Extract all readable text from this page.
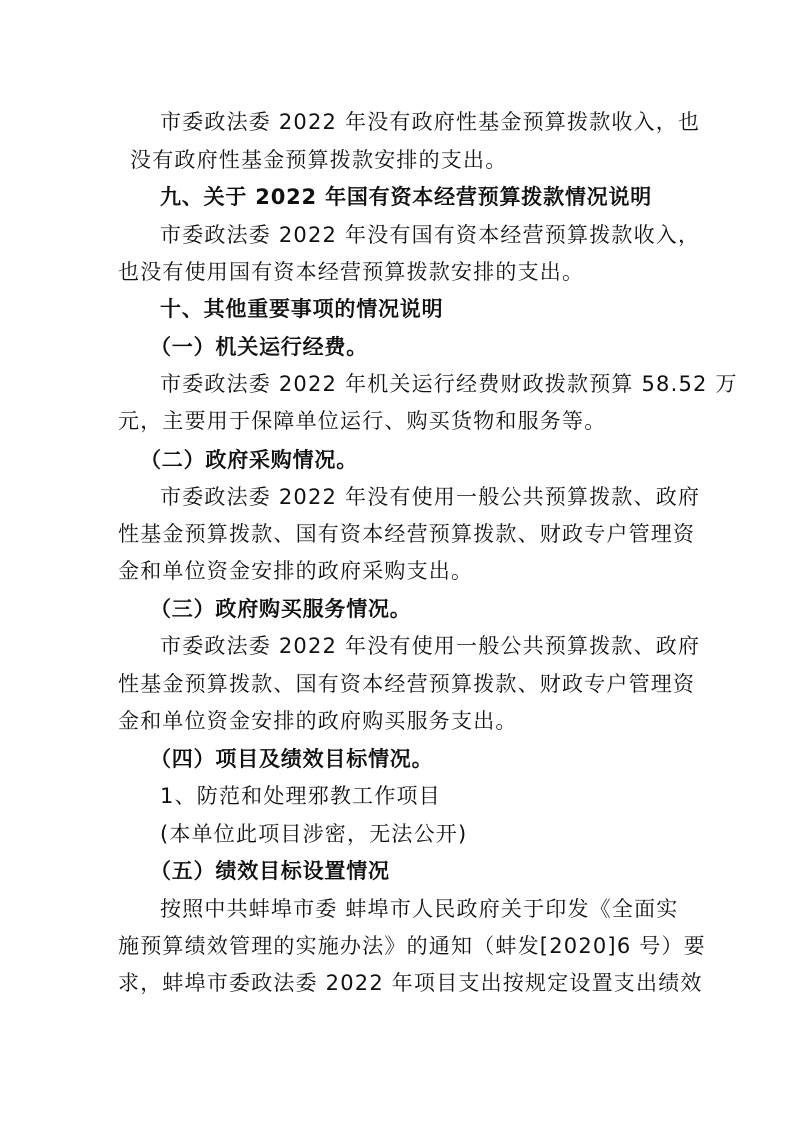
市委政法委 2022 年没有政府性基金预算拨款收入，也
没有政府性基金预算拨款安排的支出。
九、关于 2022 年国有资本经营预算拨款情况说明
市委政法委 2022 年没有国有资本经营预算拨款收入，
也没有使用国有资本经营预算拨款安排的支出。
十、其他重要事项的情况说明
（一）机关运行经费。
市委政法委 2022 年机关运行经费财政拨款预算 58.52 万
元，主要用于保障单位运行、购买货物和服务等。
（二）政府采购情况。
市委政法委 2022 年没有使用一般公共预算拨款、政府
性基金预算拨款、国有资本经营预算拨款、财政专户管理资
金和单位资金安排的政府采购支出。
（三）政府购买服务情况。
市委政法委 2022 年没有使用一般公共预算拨款、政府
性基金预算拨款、国有资本经营预算拨款、财政专户管理资
金和单位资金安排的政府购买服务支出。
（四）项目及绩效目标情况。
1、防范和处理邪教工作项目
(本单位此项目涉密，无法公开)
（五）绩效目标设置情况
按照中共蚌埠市委 蚌埠市人民政府关于印发《全面实
施预算绩效管理的实施办法》的通知（蚌发[2020]6 号）要
求，蚌埠市委政法委 2022 年项目支出按规定设置支出绩效
